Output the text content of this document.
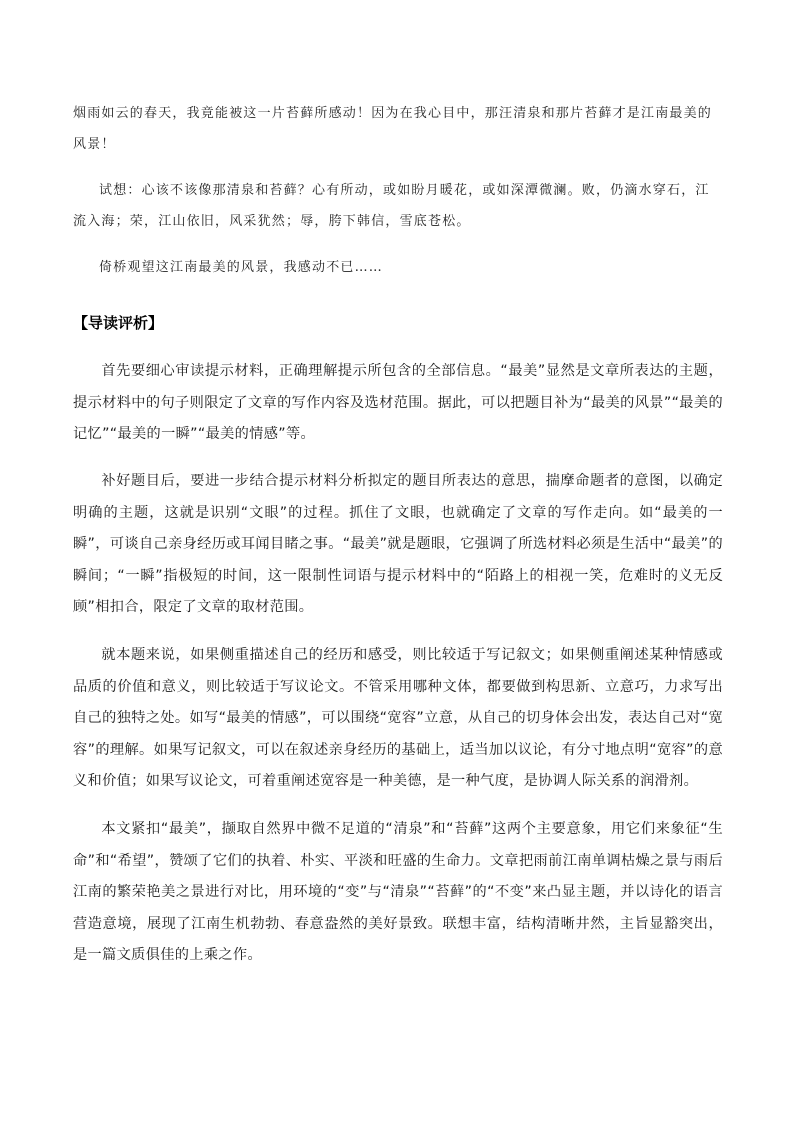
烟雨如云的春天，我竟能被这一片苔藓所感动！因为在我心目中，那汪清泉和那片苔藓才是江南最美的风景！

试想：心该不该像那清泉和苔藓？心有所动，或如盼月暖花，或如深潭微澜。败，仍滴水穿石，江流入海；荣，江山依旧，风采犹然；辱，胯下韩信，雪底苍松。

倚桥观望这江南最美的风景，我感动不已……

【导读评析】

首先要细心审读提示材料，正确理解提示所包含的全部信息。“最美”显然是文章所表达的主题，提示材料中的句子则限定了文章的写作内容及选材范围。据此，可以把题目补为“最美的风景”“最美的记忆”“最美的一瞬”“最美的情感”等。

补好题目后，要进一步结合提示材料分析拟定的题目所表达的意思，揣摩命题者的意图，以确定明确的主题，这就是识别“文眼”的过程。抓住了文眼，也就确定了文章的写作走向。如“最美的一瞬”，可谈自己亲身经历或耳闻目睹之事。“最美”就是题眼，它强调了所选材料必须是生活中“最美”的瞬间；“一瞬”指极短的时间，这一限制性词语与提示材料中的“陌路上的相视一笑，危难时的义无反顾”相扣合，限定了文章的取材范围。

就本题来说，如果侧重描述自己的经历和感受，则比较适于写记叙文；如果侧重阐述某种情感或品质的价值和意义，则比较适于写议论文。不管采用哪种文体，都要做到构思新、立意巧，力求写出自己的独特之处。如写“最美的情感”，可以围绕“宽容”立意，从自己的切身体会出发，表达自己对“宽容”的理解。如果写记叙文，可以在叙述亲身经历的基础上，适当加以议论，有分寸地点明“宽容”的意义和价值；如果写议论文，可着重阐述宽容是一种美德，是一种气度，是协调人际关系的润滑剂。

本文紧扣“最美”，撷取自然界中微不足道的“清泉”和“苔藓”这两个主要意象，用它们来象征“生命”和“希望”，赞颂了它们的执着、朴实、平淡和旺盛的生命力。文章把雨前江南单调枯燥之景与雨后江南的繁荣艳美之景进行对比，用环境的“变”与“清泉”“苔藓”的“不变”来凸显主题，并以诗化的语言营造意境，展现了江南生机勃勃、春意盎然的美好景致。联想丰富，结构清晰井然，主旨显豁突出，是一篇文质俱佳的上乘之作。
